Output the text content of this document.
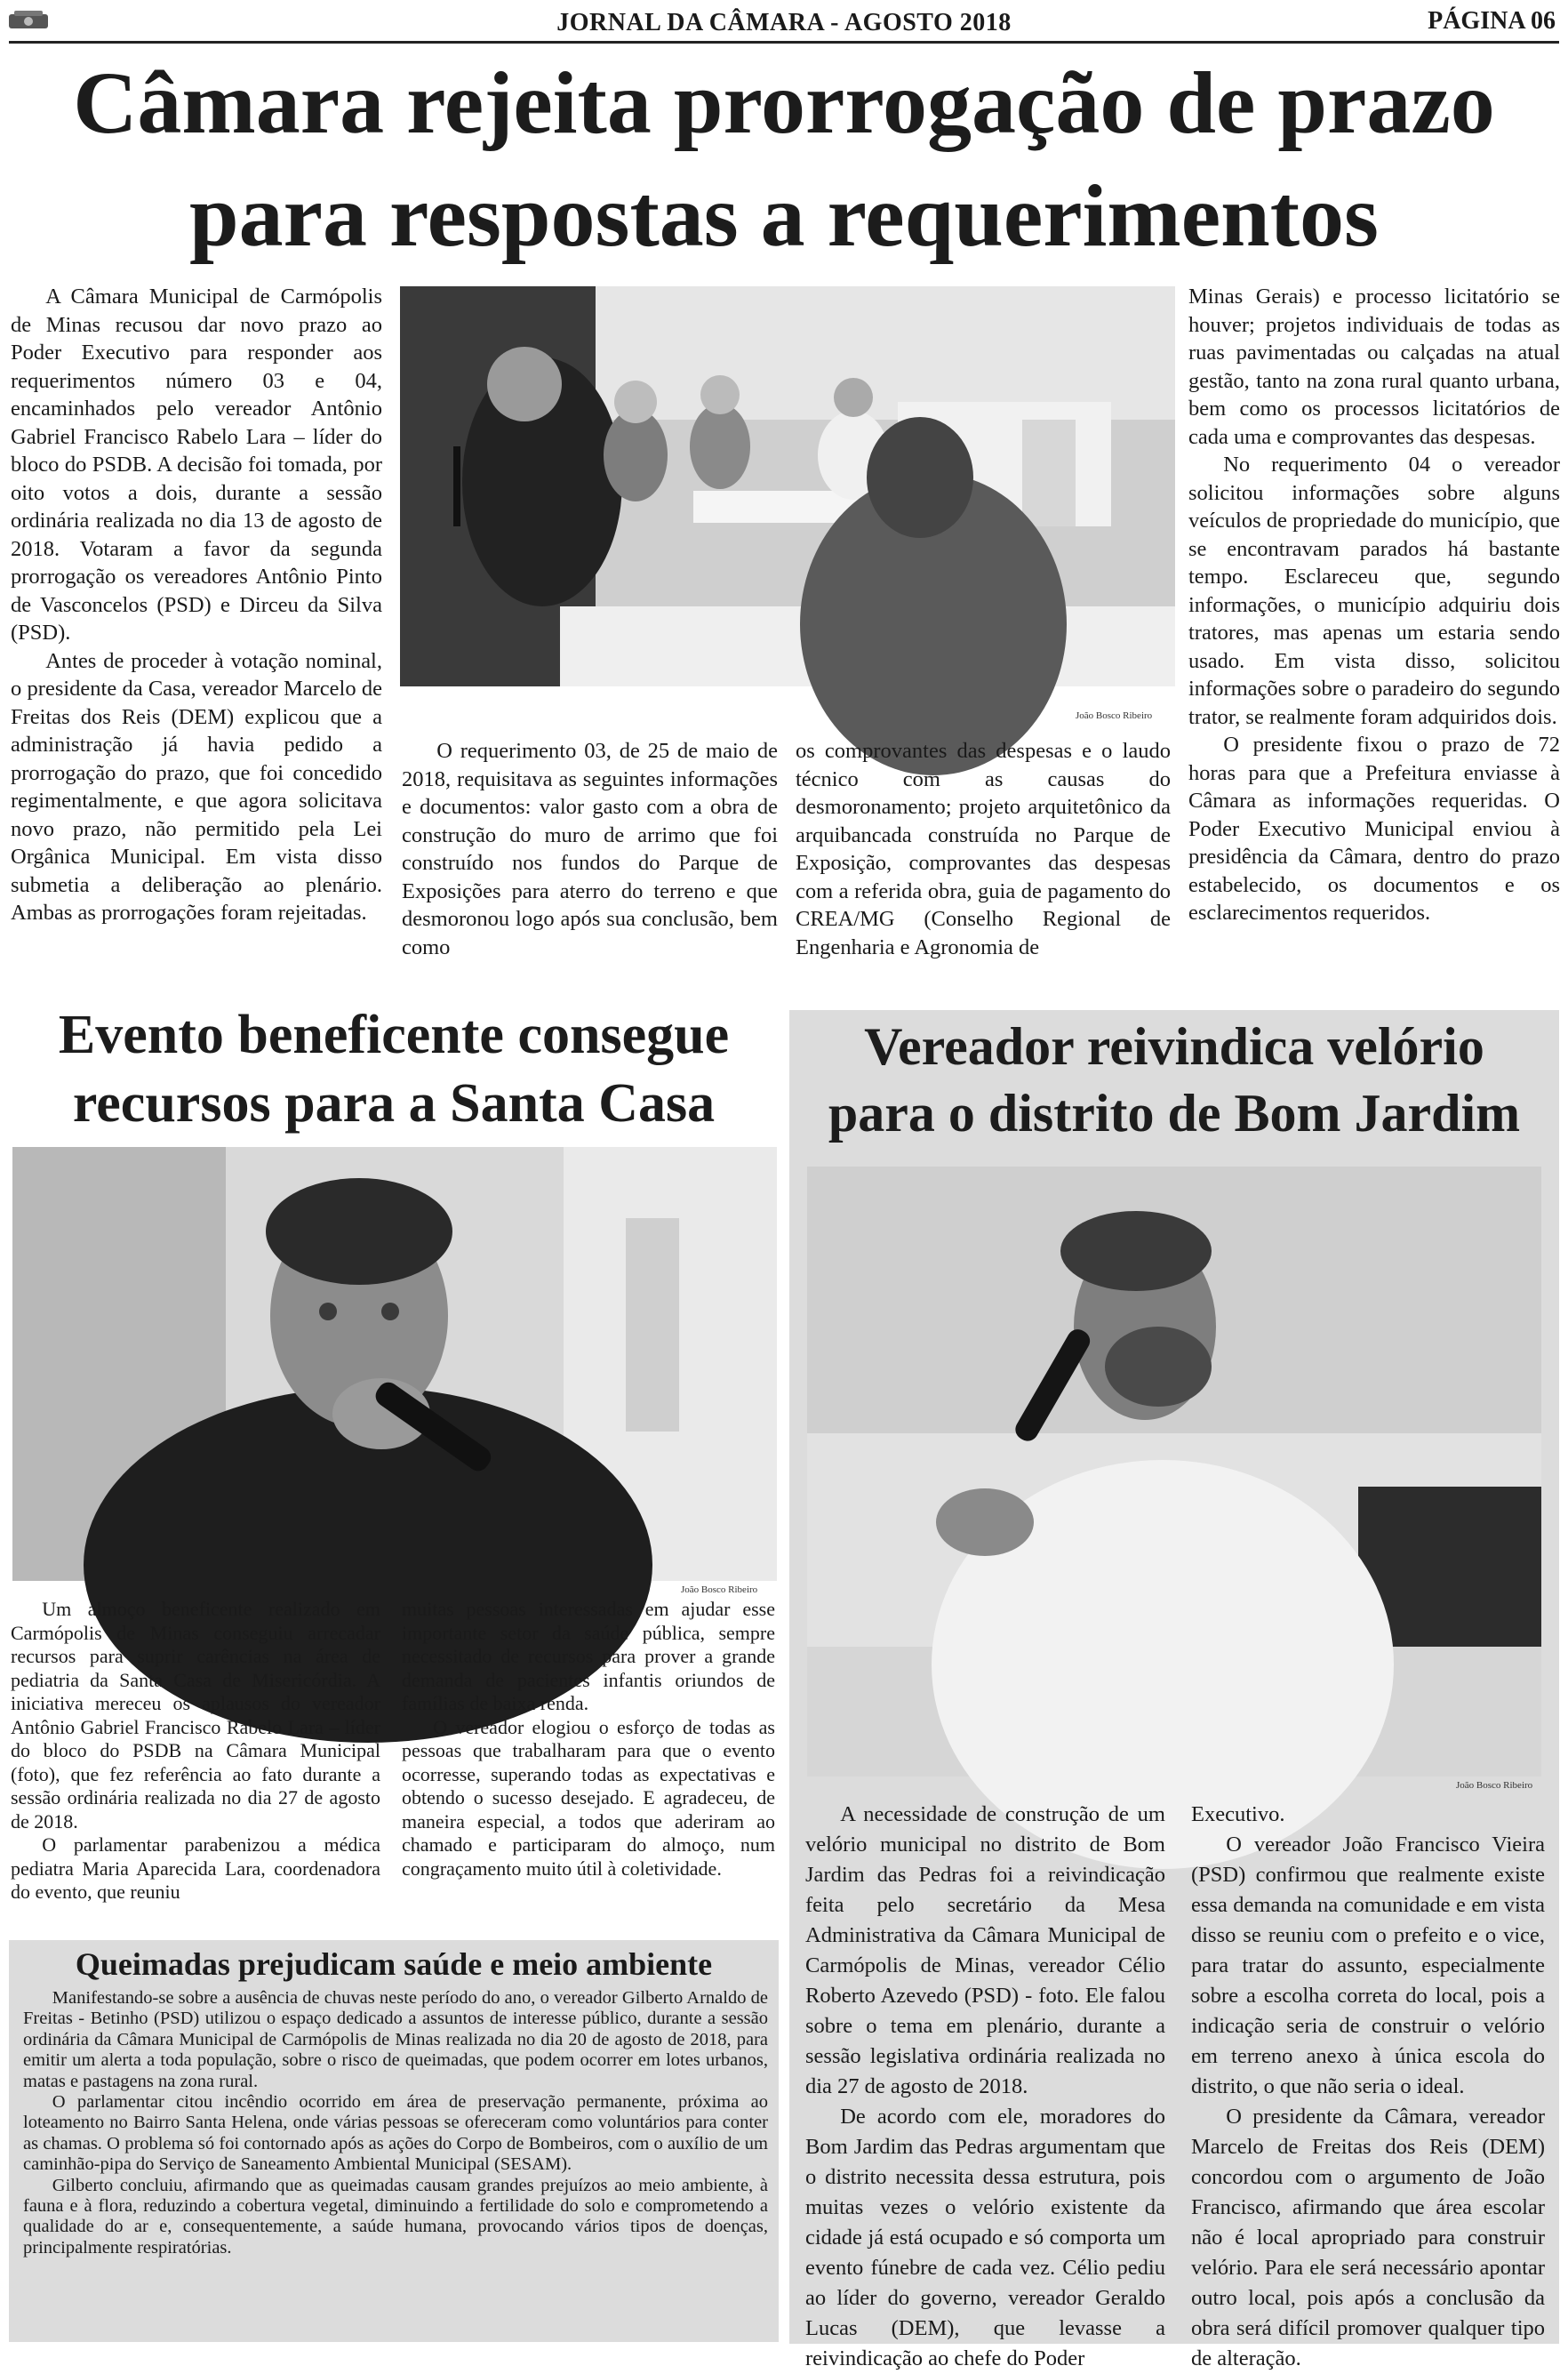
JORNAL DA CÂMARA - AGOSTO 2018	PÁGINA 06
Câmara rejeita prorrogação de prazo
para respostas a requerimentos

A Câmara Municipal de Carmópolis de Minas recusou dar novo prazo ao Poder Executivo para responder aos requerimentos número 03 e 04, encaminhados pelo vereador Antônio Gabriel Francisco Rabelo Lara – líder do bloco do PSDB. A decisão foi tomada, por oito votos a dois, durante a sessão ordinária realizada no dia 13 de agosto de 2018. Votaram a favor da segunda prorrogação os vereadores Antônio Pinto de Vasconcelos (PSD) e Dirceu da Silva (PSD).

Antes de proceder à votação nominal, o presidente da Casa, vereador Marcelo de Freitas dos Reis (DEM) explicou que a administração já havia pedido a prorrogação do prazo, que foi concedido regimentalmente, e que agora solicitava novo prazo, não permitido pela Lei Orgânica Municipal. Em vista disso submetia a deliberação ao plenário. Ambas as prorrogações foram rejeitadas.

João Bosco Ribeiro

O requerimento 03, de 25 de maio de 2018, requisitava as seguintes informações e documentos: valor gasto com a obra de construção do muro de arrimo que foi construído nos fundos do Parque de Exposições para aterro do terreno e que desmoronou logo após sua conclusão, bem como

os comprovantes das despesas e o laudo técnico com as causas do desmoronamento; projeto arquitetônico da arquibancada construída no Parque de Exposição, comprovantes das despesas com a referida obra, guia de pagamento do CREA/MG (Conselho Regional de Engenharia e Agronomia de

Minas Gerais) e processo licitatório se houver; projetos individuais de todas as ruas pavimentadas ou calçadas na atual gestão, tanto na zona rural quanto urbana, bem como os processos licitatórios de cada uma e comprovantes das despesas.

No requerimento 04 o vereador solicitou informações sobre alguns veículos de propriedade do município, que se encontravam parados há bastante tempo. Esclareceu que, segundo informações, o município adquiriu dois tratores, mas apenas um estaria sendo usado. Em vista disso, solicitou informações sobre o paradeiro do segundo trator, se realmente foram adquiridos dois.

O presidente fixou o prazo de 72 horas para que a Prefeitura enviasse à Câmara as informações requeridas. O Poder Executivo Municipal enviou à presidência da Câmara, dentro do prazo estabelecido, os documentos e os esclarecimentos requeridos.

Evento beneficente consegue
recursos para a Santa Casa
João Bosco Ribeiro

Um almoço beneficente realizado em Carmópolis de Minas conseguiu arrecadar recursos para suprir carências na área de pediatria da Santa Casa de Misericórdia. A iniciativa mereceu os aplausos do vereador Antônio Gabriel Francisco Rabelo Lara – líder do bloco do PSDB na Câmara Municipal (foto), que fez referência ao fato durante a sessão ordinária realizada no dia 27 de agosto de 2018.

O parlamentar parabenizou a médica pediatra Maria Aparecida Lara, coordenadora do evento, que reuniu

muitas pessoas interessadas em ajudar esse importante setor da saúde pública, sempre necessitado de recursos para prover a grande demanda de pacientes infantis oriundos de famílias de baixa renda.

O vereador elogiou o esforço de todas as pessoas que trabalharam para que o evento ocorresse, superando todas as expectativas e obtendo o sucesso desejado. E agradeceu, de maneira especial, a todos que aderiram ao chamado e participaram do almoço, num congraçamento muito útil à coletividade.

Queimadas prejudicam saúde e meio ambiente

Manifestando-se sobre a ausência de chuvas neste período do ano, o vereador Gilberto Arnaldo de Freitas - Betinho (PSD) utilizou o espaço dedicado a assuntos de interesse público, durante a sessão ordinária da Câmara Municipal de Carmópolis de Minas realizada no dia 20 de agosto de 2018, para emitir um alerta a toda população, sobre o risco de queimadas, que podem ocorrer em lotes urbanos, matas e pastagens na zona rural.

O parlamentar citou incêndio ocorrido em área de preservação permanente, próxima ao loteamento no Bairro Santa Helena, onde várias pessoas se ofereceram como voluntários para conter as chamas. O problema só foi contornado após as ações do Corpo de Bombeiros, com o auxílio de um caminhão-pipa do Serviço de Saneamento Ambiental Municipal (SESAM).

Gilberto concluiu, afirmando que as queimadas causam grandes prejuízos ao meio ambiente, à fauna e à flora, reduzindo a cobertura vegetal, diminuindo a fertilidade do solo e comprometendo a qualidade do ar e, consequentemente, a saúde humana, provocando vários tipos de doenças, principalmente respiratórias.

Vereador reivindica velório
para o distrito de Bom Jardim
João Bosco Ribeiro

A necessidade de construção de um velório municipal no distrito de Bom Jardim das Pedras foi a reivindicação feita pelo secretário da Mesa Administrativa da Câmara Municipal de Carmópolis de Minas, vereador Célio Roberto Azevedo (PSD) - foto. Ele falou sobre o tema em plenário, durante a sessão legislativa ordinária realizada no dia 27 de agosto de 2018.

De acordo com ele, moradores do Bom Jardim das Pedras argumentam que o distrito necessita dessa estrutura, pois muitas vezes o velório existente da cidade já está ocupado e só comporta um evento fúnebre de cada vez. Célio pediu ao líder do governo, vereador Geraldo Lucas (DEM), que levasse a reivindicação ao chefe do Poder

Executivo.

O vereador João Francisco Vieira (PSD) confirmou que realmente existe essa demanda na comunidade e em vista disso se reuniu com o prefeito e o vice, para tratar do assunto, especialmente sobre a escolha correta do local, pois a indicação seria de construir o velório em terreno anexo à única escola do distrito, o que não seria o ideal.

O presidente da Câmara, vereador Marcelo de Freitas dos Reis (DEM) concordou com o argumento de João Francisco, afirmando que área escolar não é local apropriado para construir velório. Para ele será necessário apontar outro local, pois após a conclusão da obra será difícil promover qualquer tipo de alteração.
